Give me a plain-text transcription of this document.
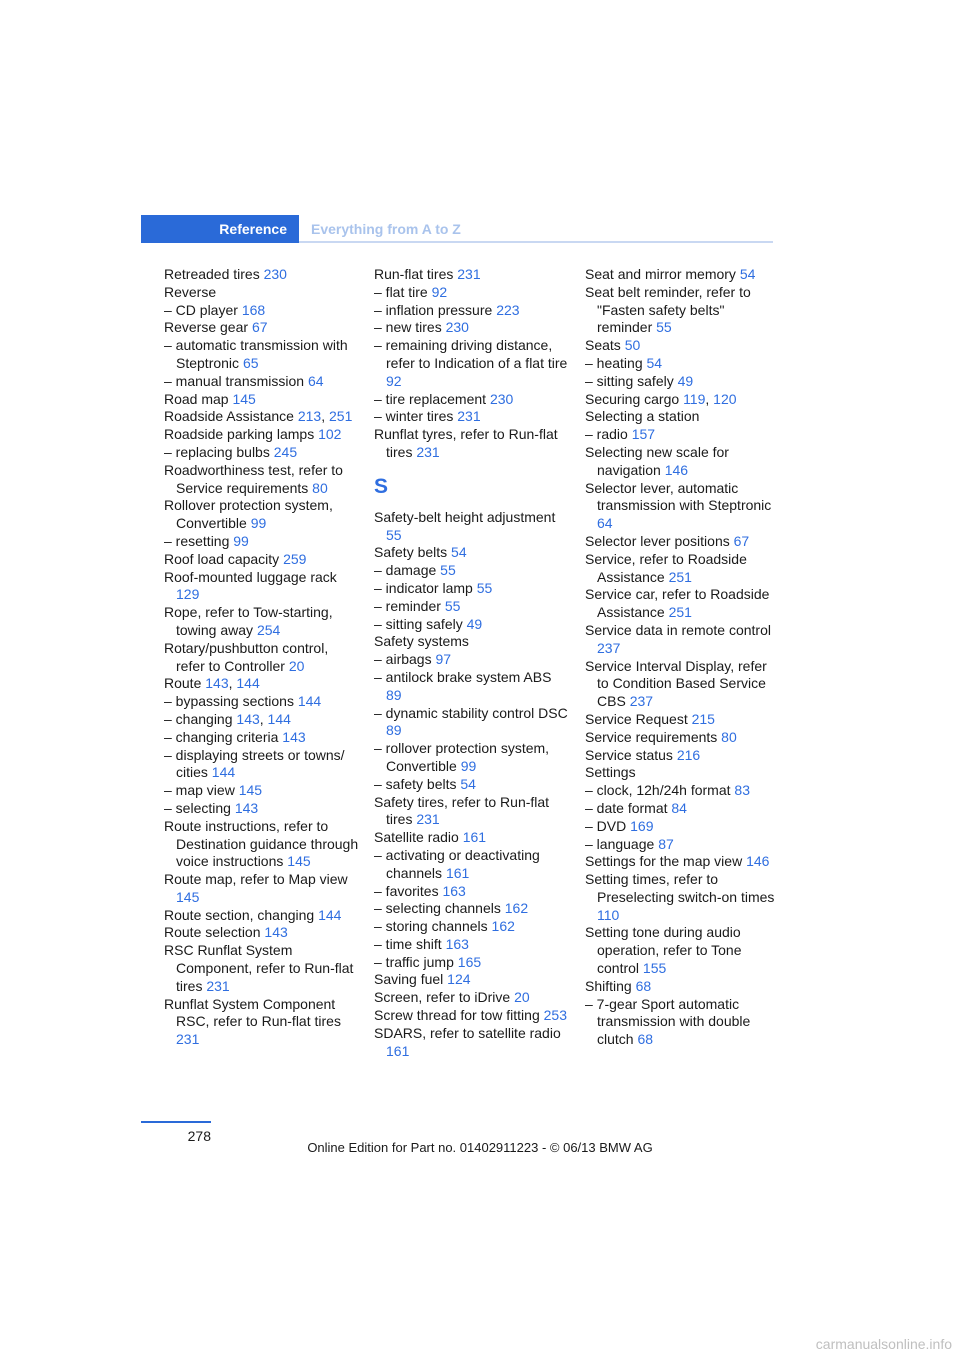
Reference	Everything from A to Z
Retreaded tires 230
Reverse
– CD player 168
Reverse gear 67
– automatic transmission with Steptronic 65
– manual transmission 64
Road map 145
Roadside Assistance 213, 251
Roadside parking lamps 102
– replacing bulbs 245
Roadworthiness test, refer to Service requirements 80
Rollover protection system, Convertible 99
– resetting 99
Roof load capacity 259
Roof-mounted luggage rack 129
Rope, refer to Tow-starting, towing away 254
Rotary/pushbutton control, refer to Controller 20
Route 143, 144
– bypassing sections 144
– changing 143, 144
– changing criteria 143
– displaying streets or towns/ cities 144
– map view 145
– selecting 143
Route instructions, refer to Destination guidance through voice instructions 145
Route map, refer to Map view 145
Route section, changing 144
Route selection 143
RSC Runflat System Component, refer to Run-flat tires 231
Runflat System Component RSC, refer to Run-flat tires 231
Run-flat tires 231
– flat tire 92
– inflation pressure 223
– new tires 230
– remaining driving distance, refer to Indication of a flat tire 92
– tire replacement 230
– winter tires 231
Runflat tyres, refer to Run-flat tires 231
S
Safety-belt height adjustment 55
Safety belts 54
– damage 55
– indicator lamp 55
– reminder 55
– sitting safely 49
Safety systems
– airbags 97
– antilock brake system ABS 89
– dynamic stability control DSC 89
– rollover protection system, Convertible 99
– safety belts 54
Safety tires, refer to Run-flat tires 231
Satellite radio 161
– activating or deactivating channels 161
– favorites 163
– selecting channels 162
– storing channels 162
– time shift 163
– traffic jump 165
Saving fuel 124
Screen, refer to iDrive 20
Screw thread for tow fitting 253
SDARS, refer to satellite radio 161
Seat and mirror memory 54
Seat belt reminder, refer to "Fasten safety belts" reminder 55
Seats 50
– heating 54
– sitting safely 49
Securing cargo 119, 120
Selecting a station
– radio 157
Selecting new scale for navigation 146
Selector lever, automatic transmission with Steptronic 64
Selector lever positions 67
Service, refer to Roadside Assistance 251
Service car, refer to Roadside Assistance 251
Service data in remote control 237
Service Interval Display, refer to Condition Based Service CBS 237
Service Request 215
Service requirements 80
Service status 216
Settings
– clock, 12h/24h format 83
– date format 84
– DVD 169
– language 87
Settings for the map view 146
Setting times, refer to Preselecting switch-on times 110
Setting tone during audio operation, refer to Tone control 155
Shifting 68
– 7-gear Sport automatic transmission with double clutch 68
278
Online Edition for Part no. 01402911223 - © 06/13 BMW AG
carmanualsonline.info
